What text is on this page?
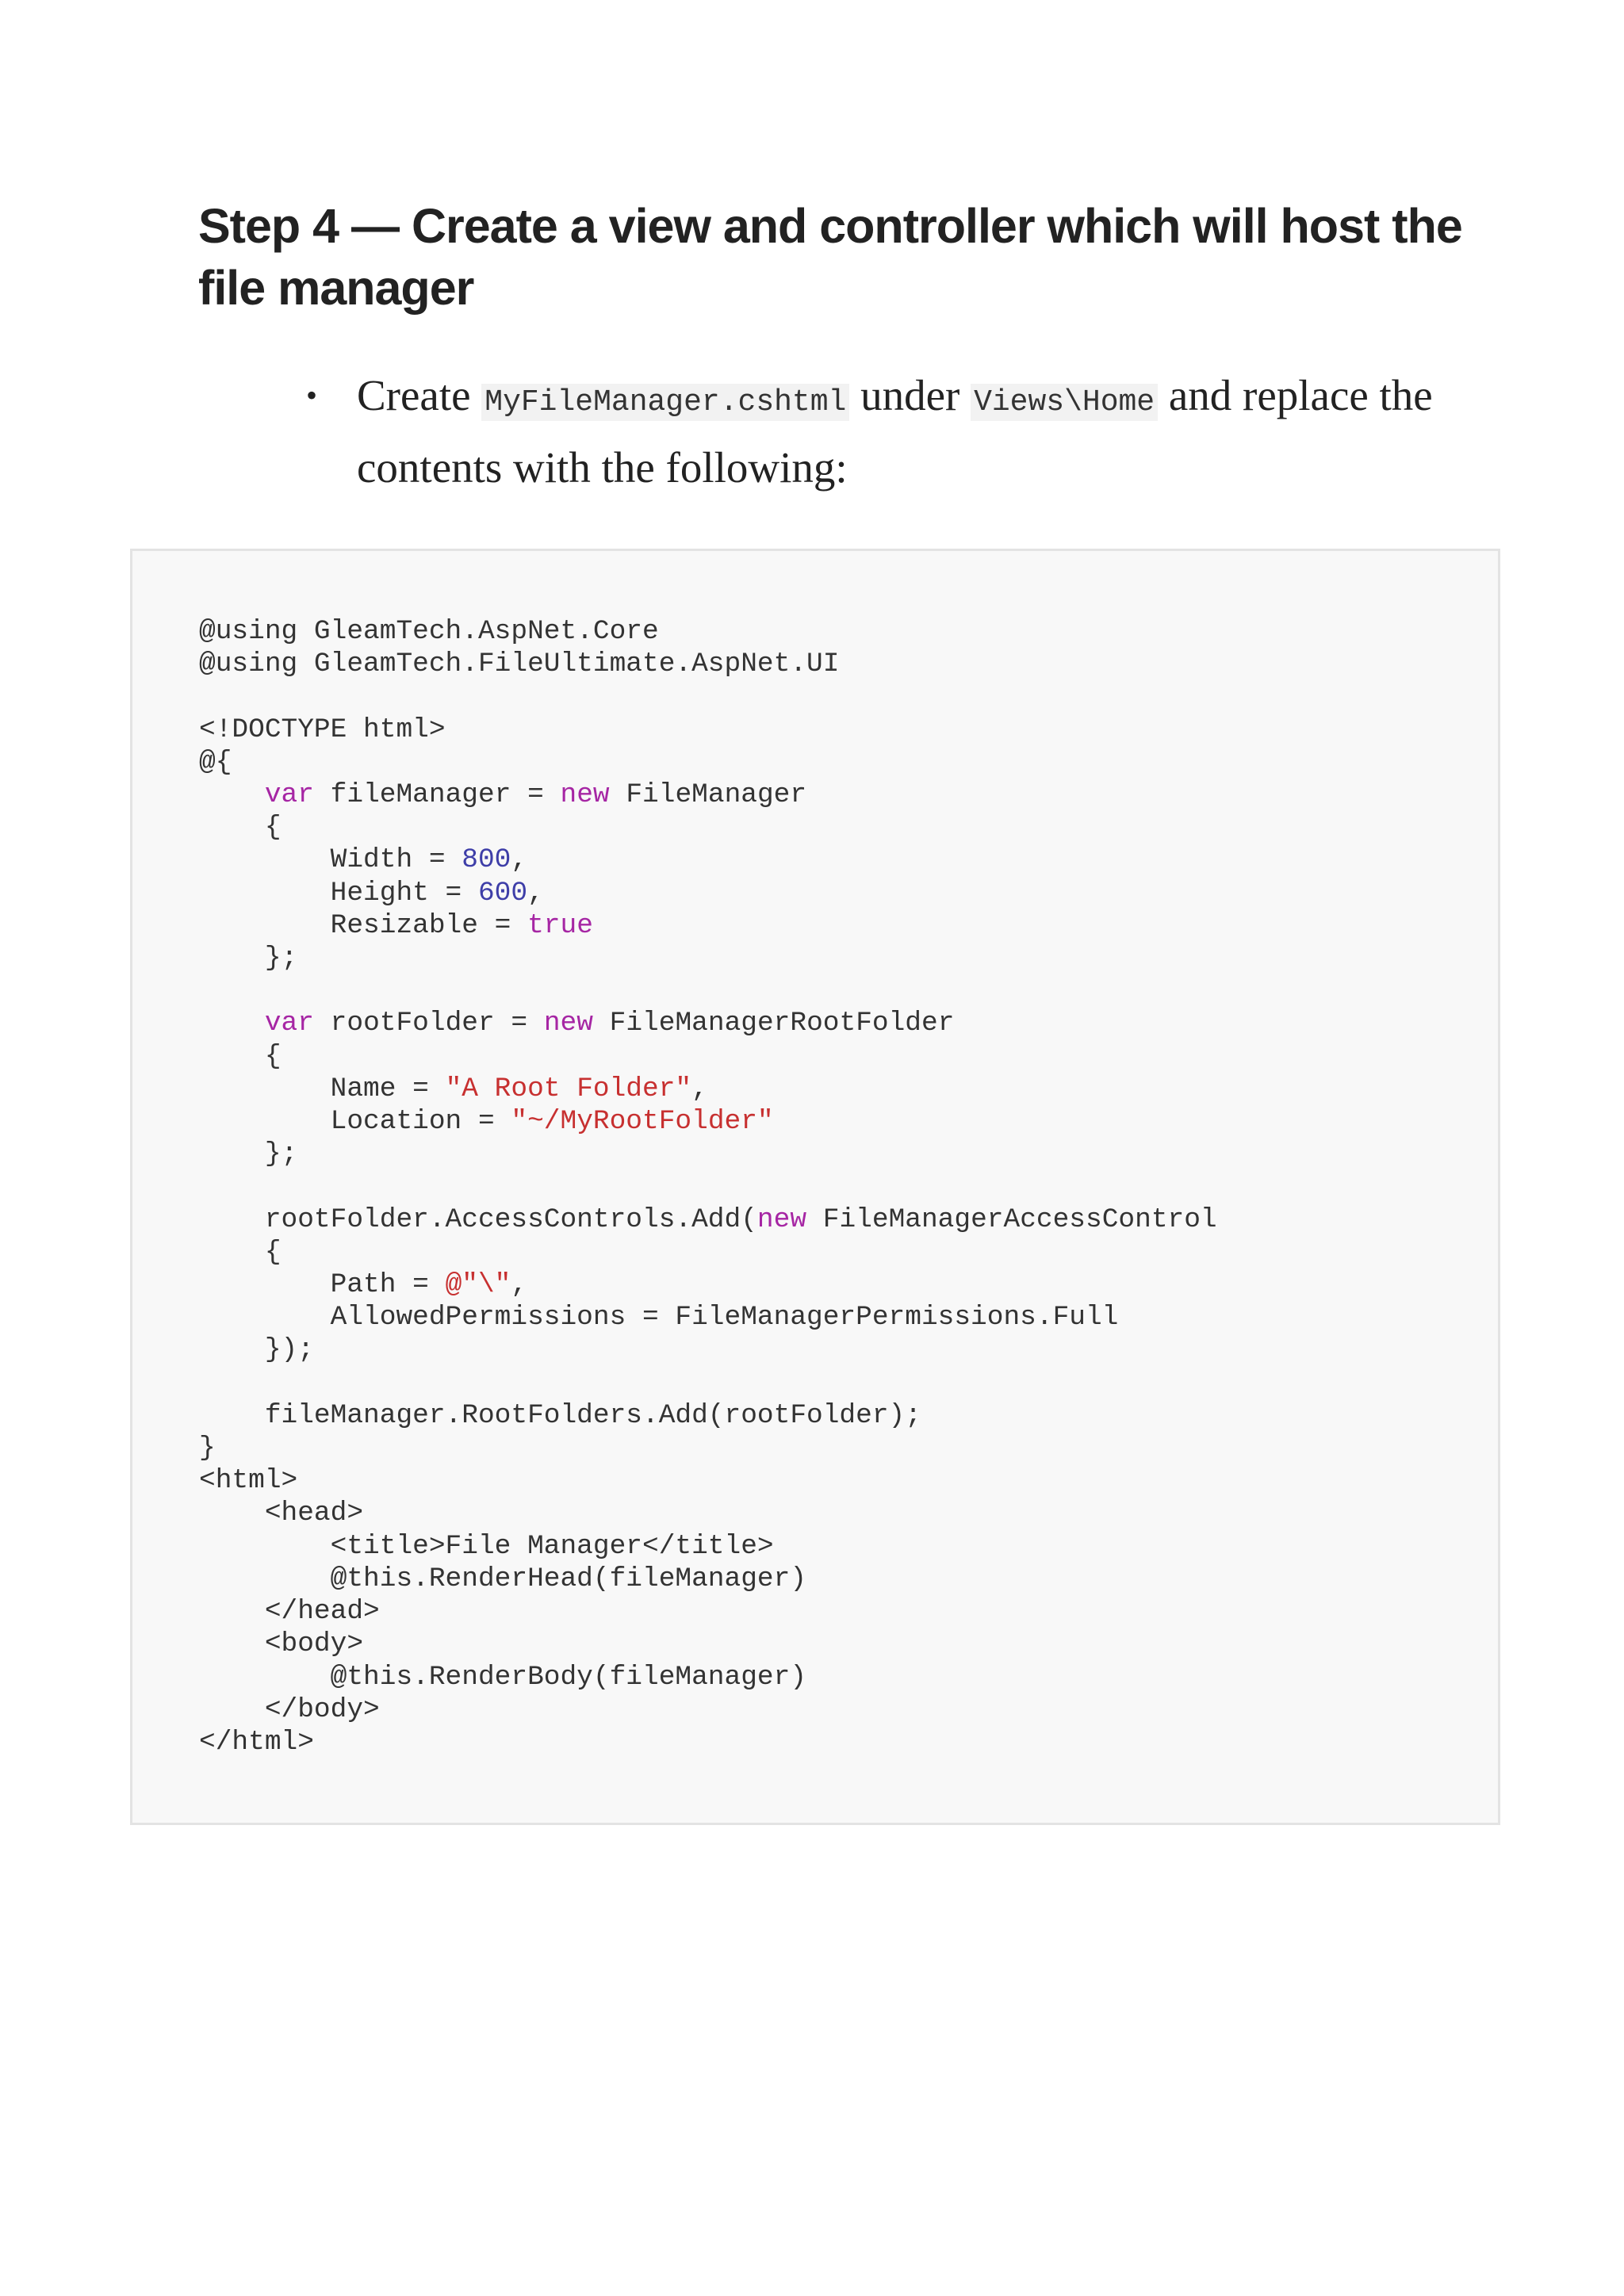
Step 4 — Create a view and controller which will host the file manager
• Create MyFileManager.cshtml under Views\Home and replace the contents with the following:
@using GleamTech.AspNet.Core
@using GleamTech.FileUltimate.AspNet.UI

<!DOCTYPE html>
@{
var fileManager = new FileManager
{
Width = 800,
Height = 600,
Resizable = true
};

var rootFolder = new FileManagerRootFolder
{
Name = "A Root Folder",
Location = "~/MyRootFolder"
};

rootFolder.AccessControls.Add(new FileManagerAccessControl
{
Path = @"\",
AllowedPermissions = FileManagerPermissions.Full
});

fileManager.RootFolders.Add(rootFolder);
}
<html>
<head>
<title>File Manager</title>
@this.RenderHead(fileManager)
</head>
<body>
@this.RenderBody(fileManager)
</body>
</html>
